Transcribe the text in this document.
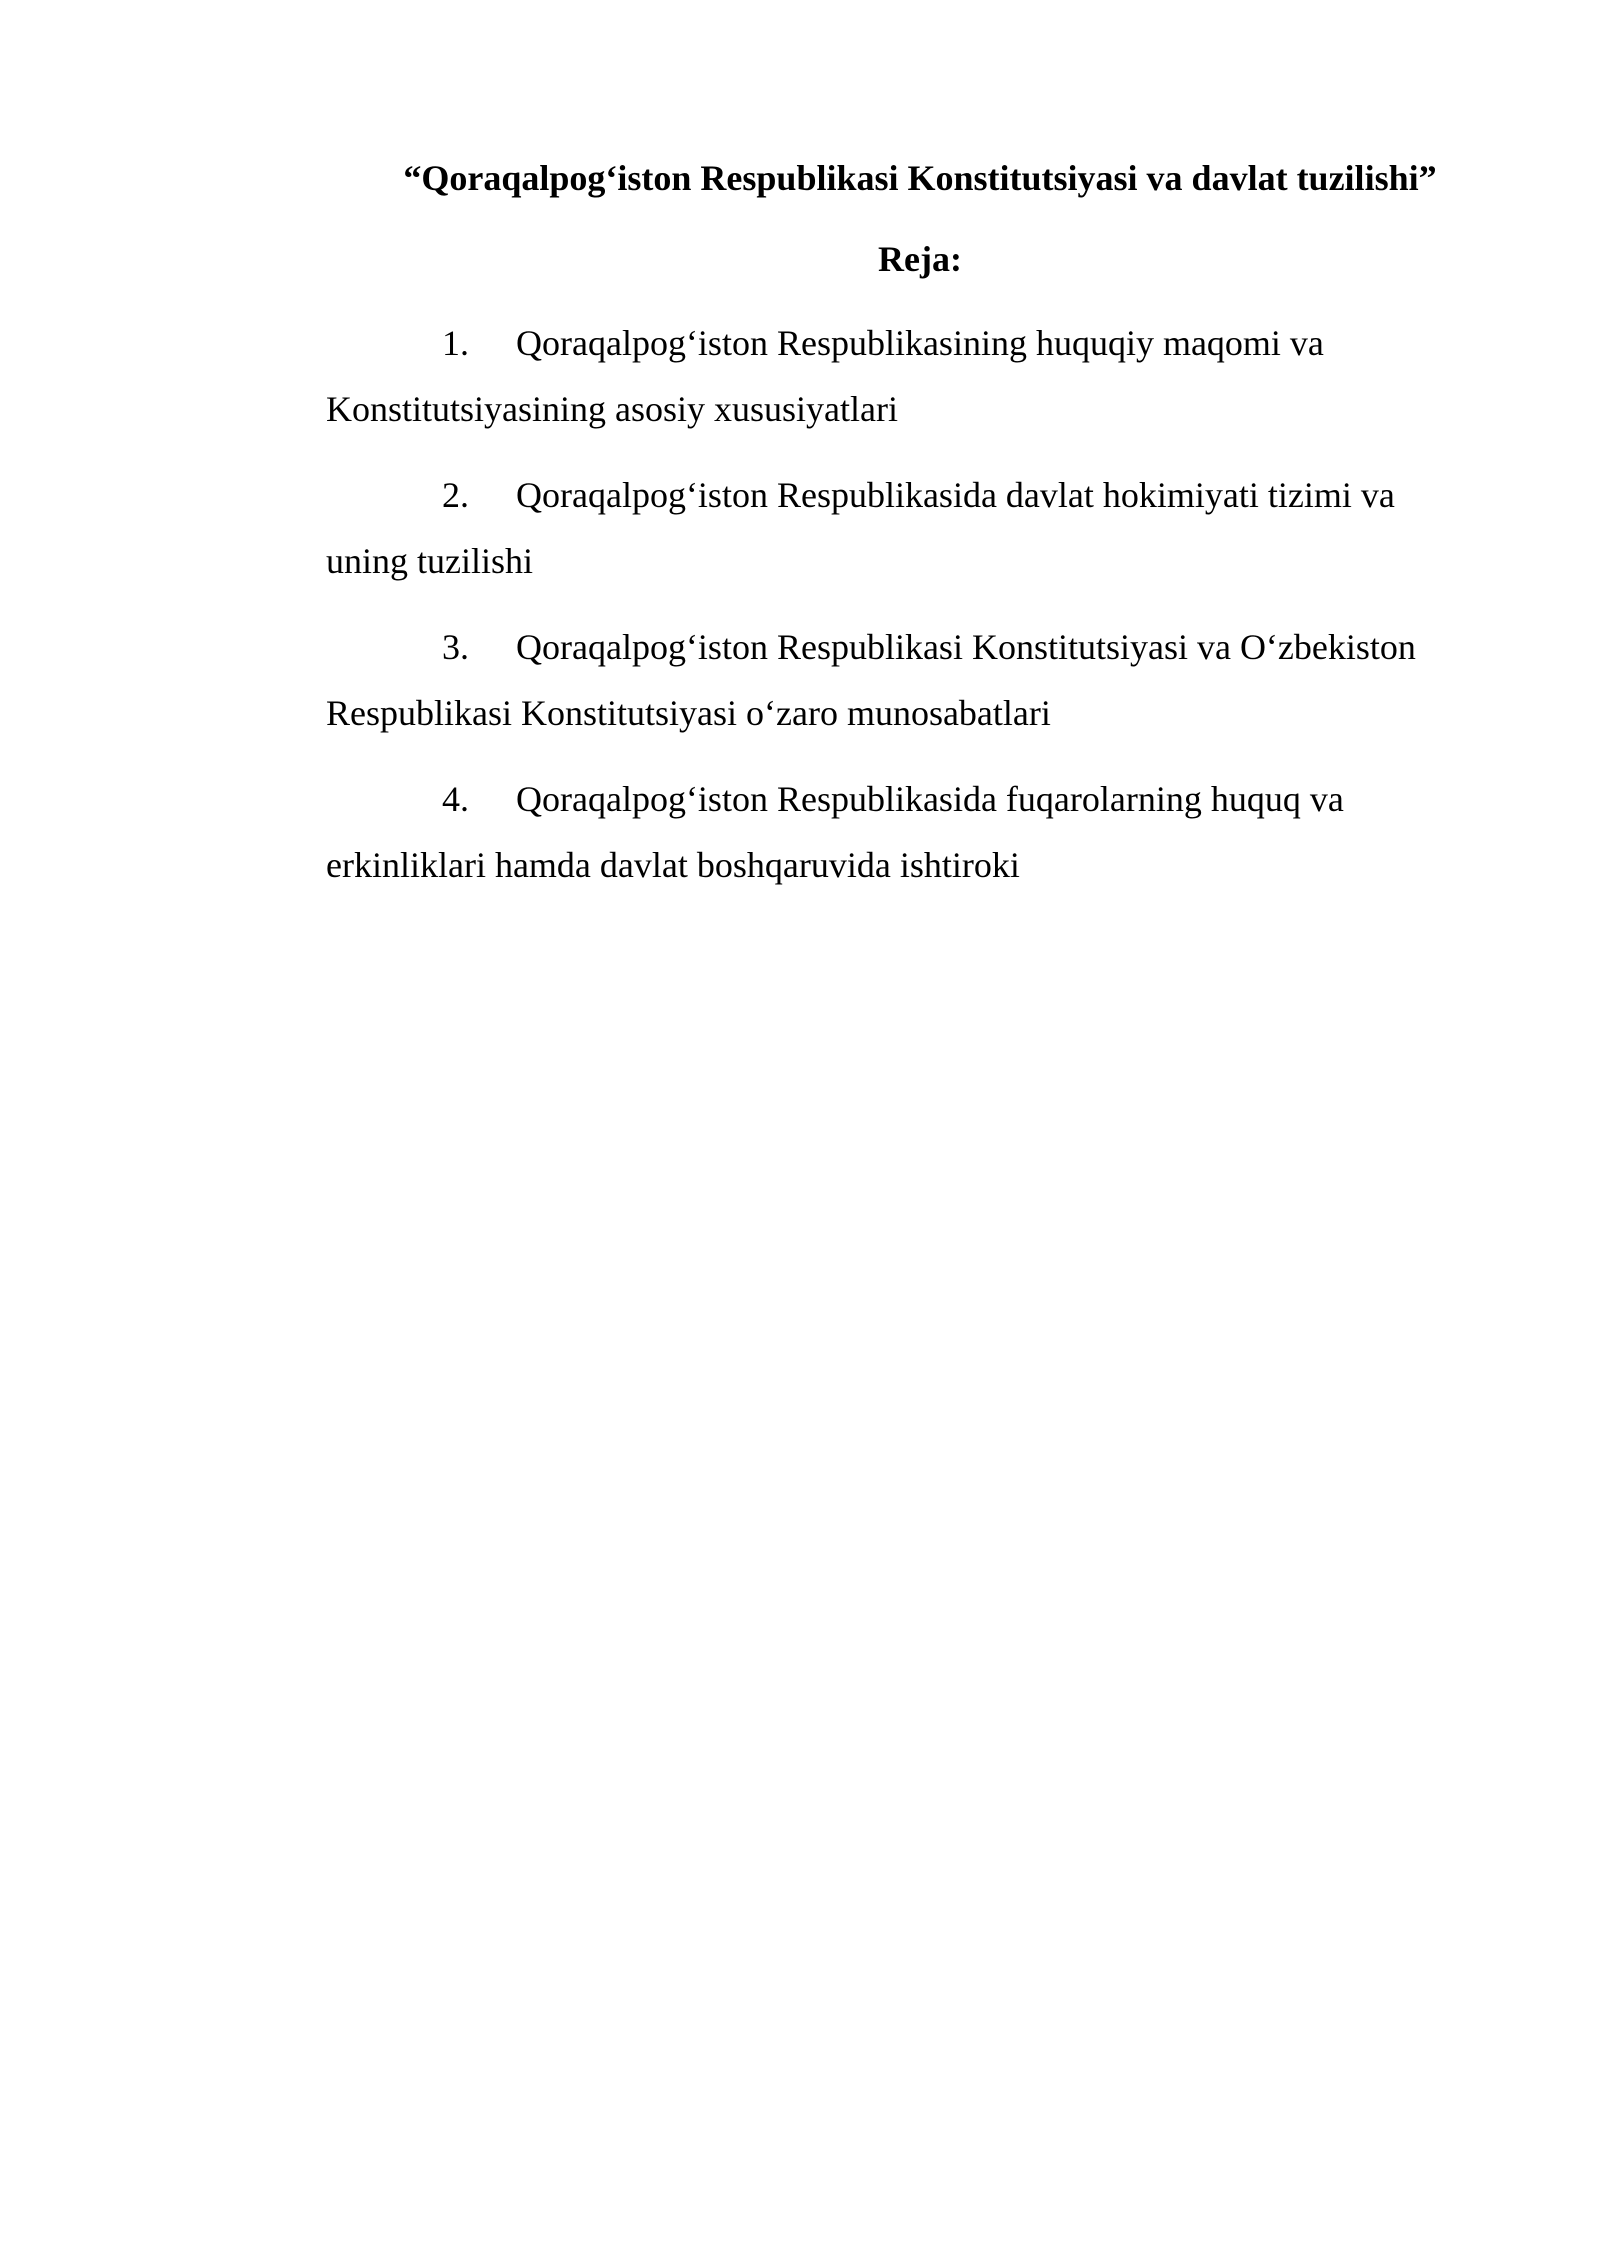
“Qoraqalpog‘iston Respublikasi Konstitutsiyasi va davlat tuzilishi”
Reja:
1. Qoraqalpog‘iston Respublikasining huquqiy maqomi va Konstitutsiyasining asosiy xususiyatlari
2. Qoraqalpog‘iston Respublikasida davlat hokimiyati tizimi va uning tuzilishi
3. Qoraqalpog‘iston Respublikasi Konstitutsiyasi va O‘zbekiston Respublikasi Konstitutsiyasi o‘zaro munosabatlari
4. Qoraqalpog‘iston Respublikasida fuqarolarning huquq va erkinliklari hamda davlat boshqaruvida ishtiroki
